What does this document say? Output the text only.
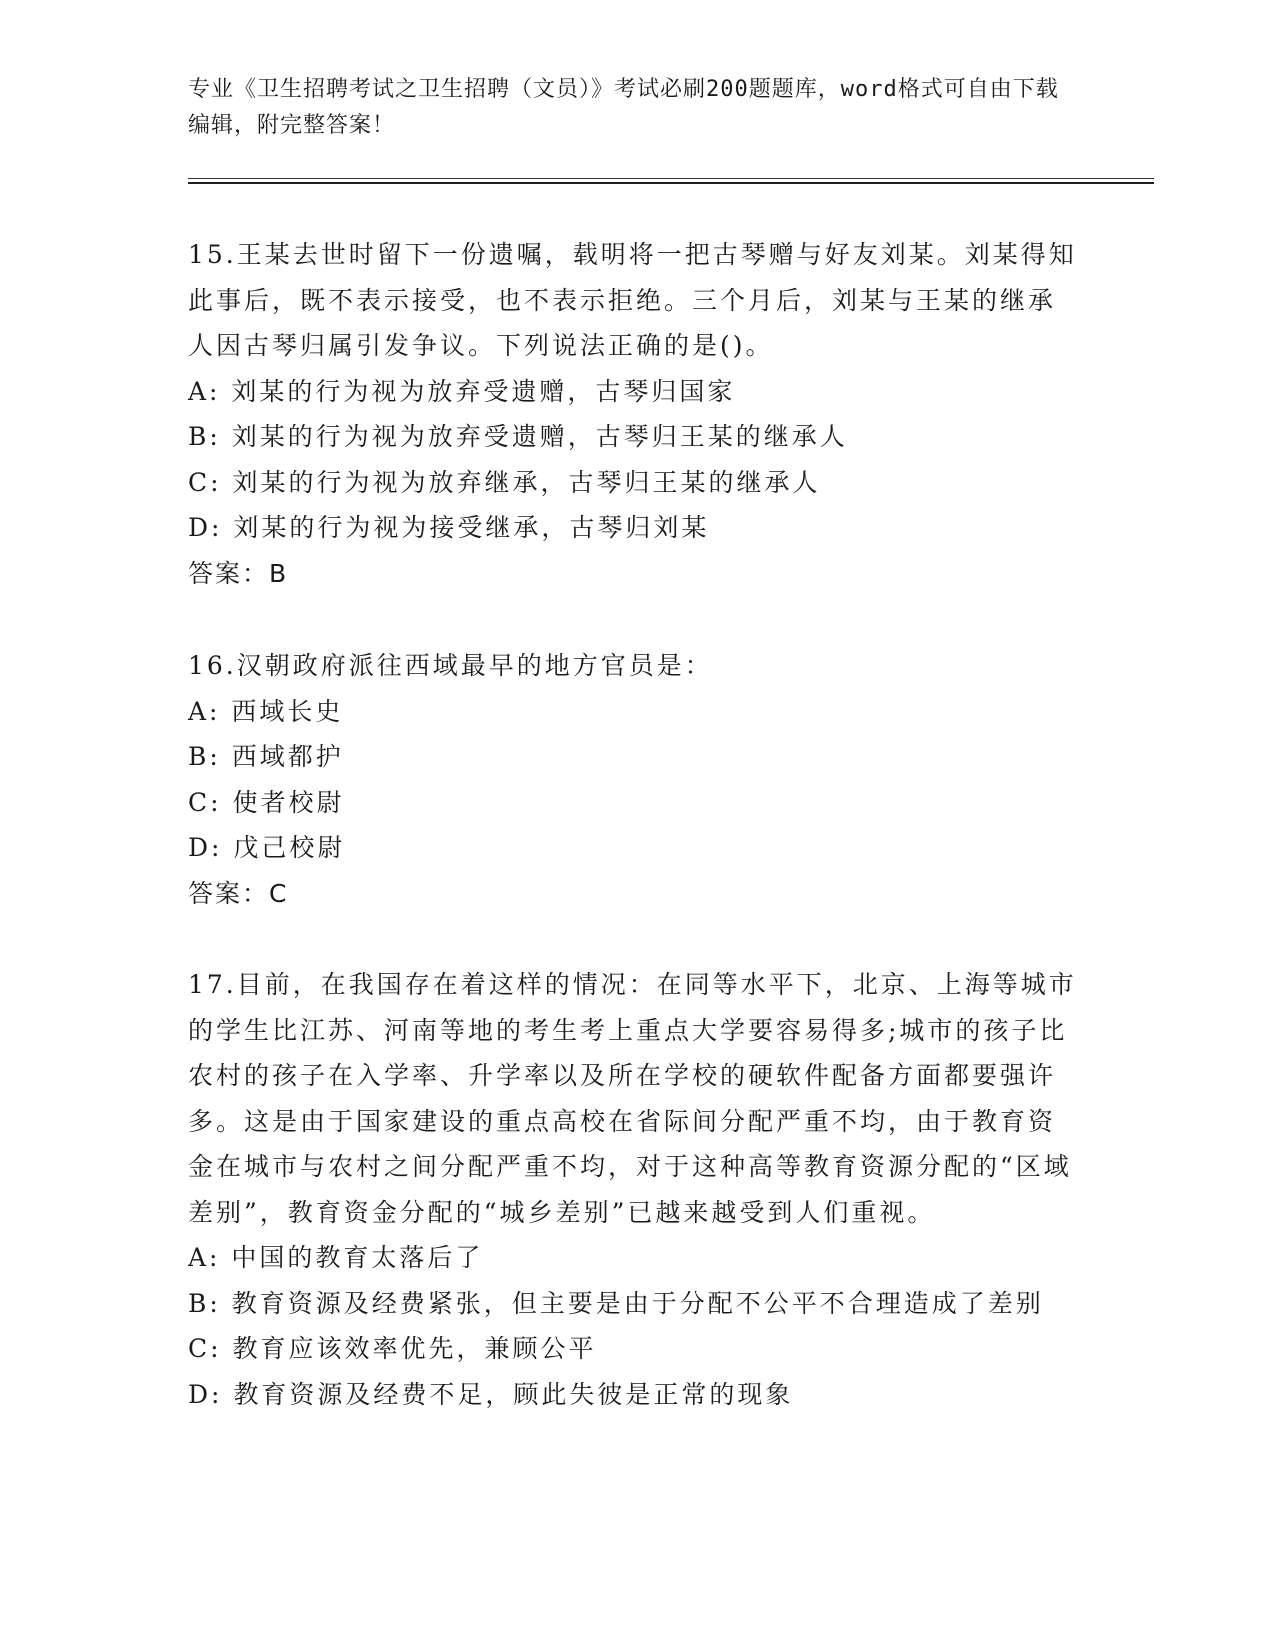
专业《卫生招聘考试之卫生招聘（文员）》考试必刷200题题库，word格式可自由下载编辑，附完整答案！
15.王某去世时留下一份遗嘱，载明将一把古琴赠与好友刘某。刘某得知此事后，既不表示接受，也不表示拒绝。三个月后，刘某与王某的继承人因古琴归属引发争议。下列说法正确的是()。
A: 刘某的行为视为放弃受遗赠，古琴归国家
B: 刘某的行为视为放弃受遗赠，古琴归王某的继承人
C: 刘某的行为视为放弃继承，古琴归王某的继承人
D: 刘某的行为视为接受继承，古琴归刘某
答案：B
16.汉朝政府派往西域最早的地方官员是：
A: 西域长史
B: 西域都护
C: 使者校尉
D: 戊己校尉
答案：C
17.目前，在我国存在着这样的情况：在同等水平下，北京、上海等城市的学生比江苏、河南等地的考生考上重点大学要容易得多;城市的孩子比农村的孩子在入学率、升学率以及所在学校的硬软件配备方面都要强许多。这是由于国家建设的重点高校在省际间分配严重不均，由于教育资金在城市与农村之间分配严重不均，对于这种高等教育资源分配的“区域差别”，教育资金分配的“城乡差别”已越来越受到人们重视。
A: 中国的教育太落后了
B: 教育资源及经费紧张，但主要是由于分配不公平不合理造成了差别
C: 教育应该效率优先，兼顾公平
D: 教育资源及经费不足，顾此失彼是正常的现象
